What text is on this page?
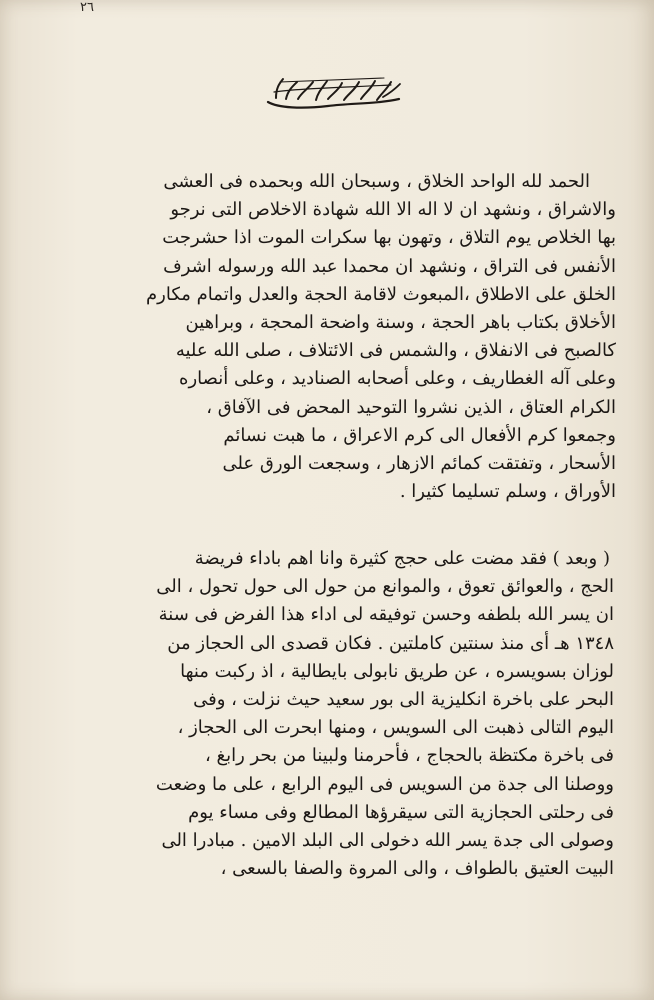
٢٦
الحمد لله الواحد الخلاق ، وسبحان الله وبحمده فى العشى
والاشراق ، ونشهد ان لا اله الا الله شهادة الاخلاص التى نرجو
بها الخلاص يوم التلاق ، وتهون بها سكرات الموت اذا حشرجت
الأنفس فى التراق ، ونشهد ان محمدا عبد الله ورسوله اشرف
الخلق على الاطلاق ،المبعوث لاقامة الحجة والعدل واتمام مكارم
الأخلاق بكتاب باهر الحجة ، وسنة واضحة المحجة ، وبراهين
كالصبح فى الانفلاق ، والشمس فى الائتلاف ، صلى الله عليه
وعلى آله الغطاريف ، وعلى أصحابه الصناديد ، وعلى أنصاره
الكرام العتاق ، الذين نشروا التوحيد المحض فى الآفاق ،
وجمعوا كرم الأفعال الى كرم الاعراق ، ما هبت نسائم
الأسحار ، وتفتقت كمائم الازهار ، وسجعت الورق على
الأوراق ، وسلم تسليما كثيرا .
( وبعد ) فقد مضت على حجج كثيرة وانا اهم باداء فريضة
الحج ، والعوائق تعوق ، والموانع من حول الى حول تحول ، الى
ان يسر الله بلطفه وحسن توفيقه لى اداء هذا الفرض فى سنة
١٣٤٨ هـ أى منذ سنتين كاملتين . فكان قصدى الى الحجاز من
لوزان بسويسره ، عن طريق نابولى بايطالية ، اذ ركبت منها
البحر على باخرة انكليزية الى بور سعيد حيث نزلت ، وفى
اليوم التالى ذهبت الى السويس ، ومنها ابحرت الى الحجاز ،
فى باخرة مكتظة بالحجاج ، فأحرمنا ولبينا من بحر رابغ ،
ووصلنا الى جدة من السويس فى اليوم الرابع ، على ما وضعت
فى رحلتى الحجازية التى سيقرؤها المطالع وفى مساء يوم
وصولى الى جدة يسر الله دخولى الى البلد الامين . مبادرا الى
البيت العتيق بالطواف ، والى المروة والصفا بالسعى ،
